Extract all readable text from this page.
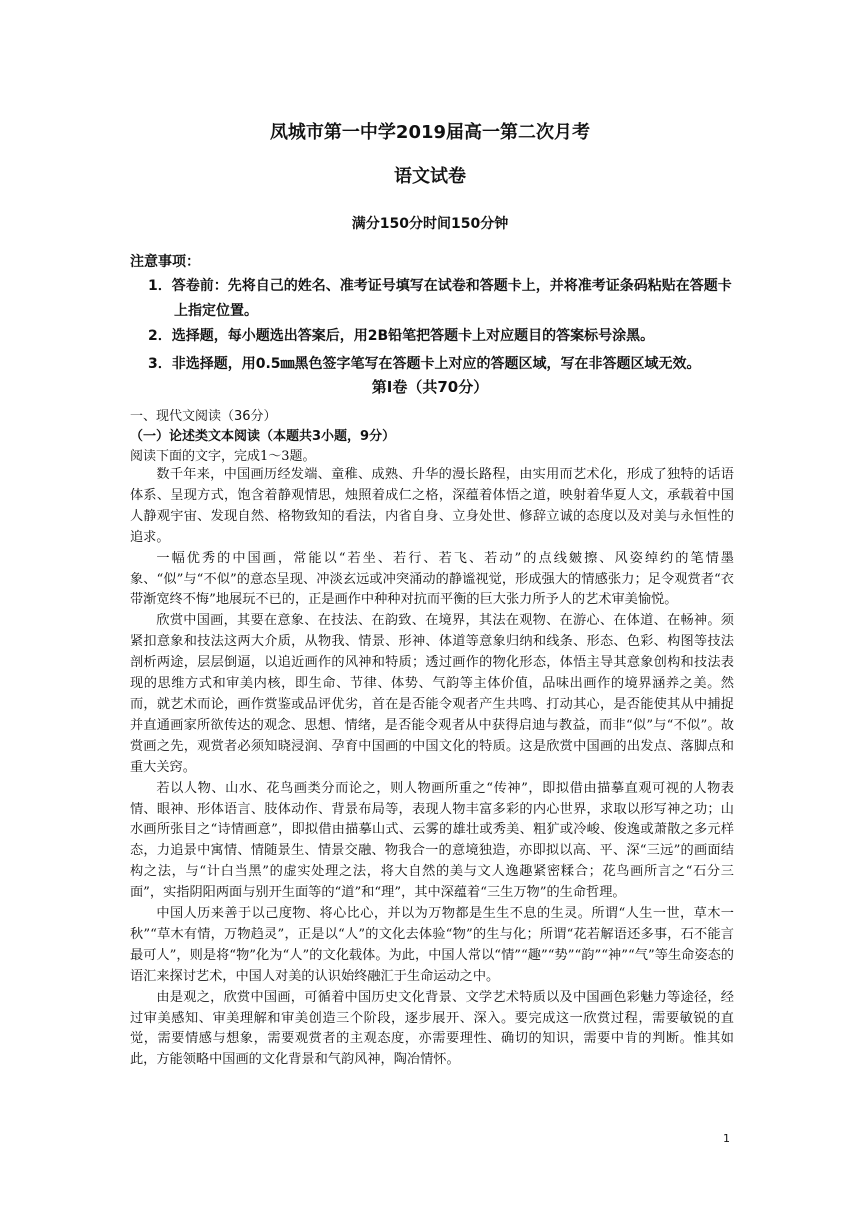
凤城市第一中学2019届高一第二次月考
语文试卷
满分150分时间150分钟
注意事项：
1．答卷前：先将自己的姓名、准考证号填写在试卷和答题卡上，并将准考证条码粘贴在答题卡上指定位置。
2．选择题，每小题选出答案后，用2B铅笔把答题卡上对应题目的答案标号涂黑。
3．非选择题，用0.5㎜黑色签字笔写在答题卡上对应的答题区域，写在非答题区域无效。
第Ⅰ卷（共70分）
一、现代文阅读（36分）
（一）论述类文本阅读（本题共3小题，9分）
阅读下面的文字，完成1～3题。

数千年来，中国画历经发端、童稚、成熟、升华的漫长路程，由实用而艺术化，形成了独特的话语体系、呈现方式，饱含着静观情思，烛照着成仁之格，深蕴着体悟之道，映射着华夏人文，承载着中国人静观宇宙、发现自然、格物致知的看法，内省自身、立身处世、修辞立诚的态度以及对美与永恒性的追求。

一幅优秀的中国画，常能以“若坐、若行、若飞、若动”的点线皴擦、风姿绰约的笔情墨象、“似”与“不似”的意态呈现、冲淡玄远或冲突涌动的静谧视觉，形成强大的情感张力；足令观赏者“衣带渐宽终不悔”地展玩不已的，正是画作中种种对抗而平衡的巨大张力所予人的艺术审美愉悦。

欣赏中国画，其要在意象、在技法、在韵致、在境界，其法在观物、在游心、在体道、在畅神。须紧扣意象和技法这两大介质，从物我、情景、形神、体道等意象归纳和线条、形态、色彩、构图等技法剖析两途，层层倒逼，以追近画作的风神和特质；透过画作的物化形态，体悟主导其意象创构和技法表现的思维方式和审美内核，即生命、节律、体势、气韵等主体价值，品味出画作的境界涵养之美。然而，就艺术而论，画作赏鉴或品评优劣，首在是否能令观者产生共鸣、打动其心，是否能使其从中捕捉并直通画家所欲传达的观念、思想、情绪，是否能令观者从中获得启迪与教益，而非“似”与“不似”。故赏画之先，观赏者必须知晓浸润、孕育中国画的中国文化的特质。这是欣赏中国画的出发点、落脚点和重大关窍。

若以人物、山水、花鸟画类分而论之，则人物画所重之“传神”，即拟借由描摹直观可视的人物表情、眼神、形体语言、肢体动作、背景布局等，表现人物丰富多彩的内心世界，求取以形写神之功；山水画所张目之“诗情画意”，即拟借由描摹山式、云雾的雄壮或秀美、粗犷或冷峻、俊逸或萧散之多元样态，力追景中寓情、情随景生、情景交融、物我合一的意境独造，亦即拟以高、平、深“三远”的画面结构之法，与“计白当黑”的虚实处理之法，将大自然的美与文人逸趣紧密糅合；花鸟画所言之“石分三面”，实指阴阳两面与别开生面等的“道”和“理”，其中深蕴着“三生万物”的生命哲理。

中国人历来善于以己度物、将心比心，并以为万物都是生生不息的生灵。所谓“人生一世，草木一秋”“草木有情，万物趋灵”，正是以“人”的文化去体验“物”的生与化；所谓“花若解语还多事，石不能言最可人”，则是将“物”化为“人”的文化载体。为此，中国人常以“情”“趣”“势”“韵”“神”“气”等生命姿态的语汇来探讨艺术，中国人对美的认识始终融汇于生命运动之中。

由是观之，欣赏中国画，可循着中国历史文化背景、文学艺术特质以及中国画色彩魅力等途径，经过审美感知、审美理解和审美创造三个阶段，逐步展开、深入。要完成这一欣赏过程，需要敏锐的直觉，需要情感与想象，需要观赏者的主观态度，亦需要理性、确切的知识，需要中肯的判断。惟其如此，方能领略中国画的文化背景和气韵风神，陶冶情怀。

1
